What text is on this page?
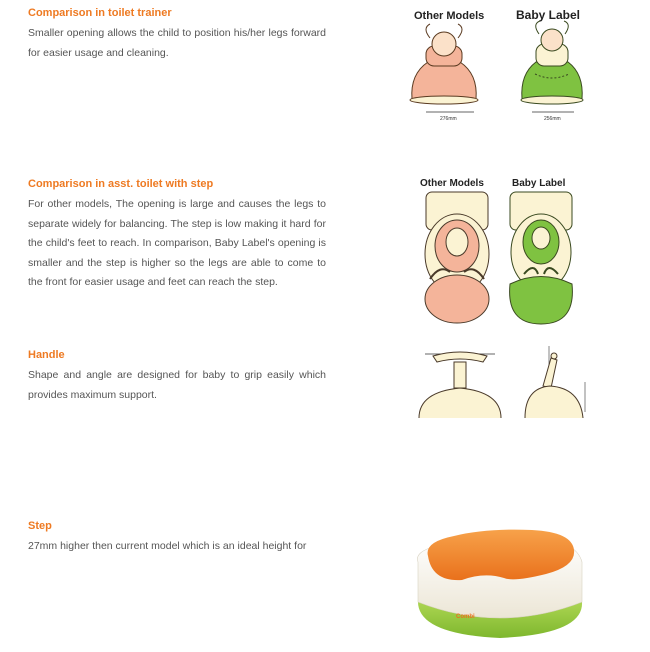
Comparison in toilet trainer

Smaller opening allows the child to position his/her legs forward for easier usage and cleaning.

Comparison in asst. toilet with step

For other models, The opening is large and causes the legs to separate widely for balancing. The step is low making it hard for the child's feet to reach. In comparison, Baby Label's opening is smaller and the step is higher so the legs are able to come to the front for easier usage and feet can reach the step.

Handle

Shape and angle are designed for baby to grip easily which provides maximum support.

Step

27mm higher then current model which is an ideal height for

Other Models	Baby Label
276mm	256mm
Other Models	Baby Label
Combi
